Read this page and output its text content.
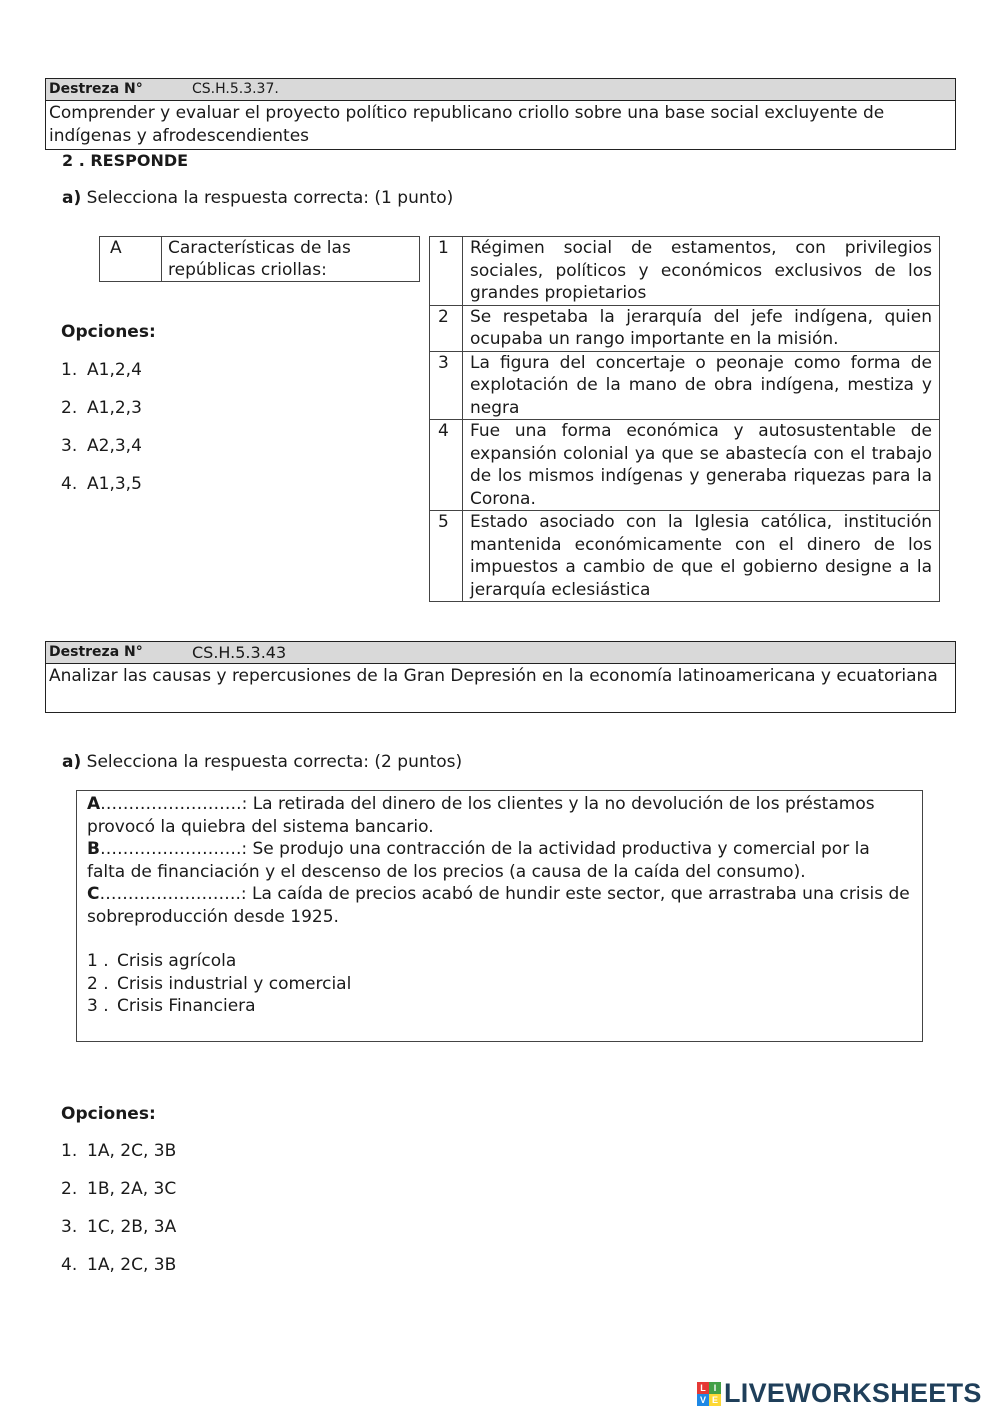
Destreza N°	CS.H.5.3.37.
Comprender y evaluar el proyecto político republicano criollo sobre una base social excluyente de indígenas y afrodescendientes
2 . RESPONDE
a) Selecciona la respuesta correcta: (1 punto)
A	Características de las repúblicas criollas:
Opciones:
1. A1,2,4
2. A1,2,3
3. A2,3,4
4. A1,3,5
1	Régimen social de estamentos, con privilegios sociales, políticos y económicos exclusivos de los grandes propietarios
2	Se respetaba la jerarquía del jefe indígena, quien ocupaba un rango importante en la misión.
3	La figura del concertaje o peonaje como forma de explotación de la mano de obra indígena, mestiza y negra
4	Fue una forma económica y autosustentable de expansión colonial ya que se abastecía con el trabajo de los mismos indígenas y generaba riquezas para la Corona.
5	Estado asociado con la Iglesia católica, institución mantenida económicamente con el dinero de los impuestos a cambio de que el gobierno designe a la jerarquía eclesiástica
Destreza N°	CS.H.5.3.43
Analizar las causas y repercusiones de la Gran Depresión en la economía latinoamericana y ecuatoriana
a) Selecciona la respuesta correcta: (2 puntos)
A…………………….: La retirada del dinero de los clientes y la no devolución de los préstamos provocó la quiebra del sistema bancario.
B…………………….: Se produjo una contracción de la actividad productiva y comercial por la falta de financiación y el descenso de los precios (a causa de la caída del consumo).
C…………………….: La caída de precios acabó de hundir este sector, que arrastraba una crisis de sobreproducción desde 1925.
1 . Crisis agrícola
2 . Crisis industrial y comercial
3 . Crisis Financiera
Opciones:
1. 1A, 2C, 3B
2. 1B, 2A, 3C
3. 1C, 2B, 3A
4. 1A, 2C, 3B
L I
V E LIVEWORKSHEETS
